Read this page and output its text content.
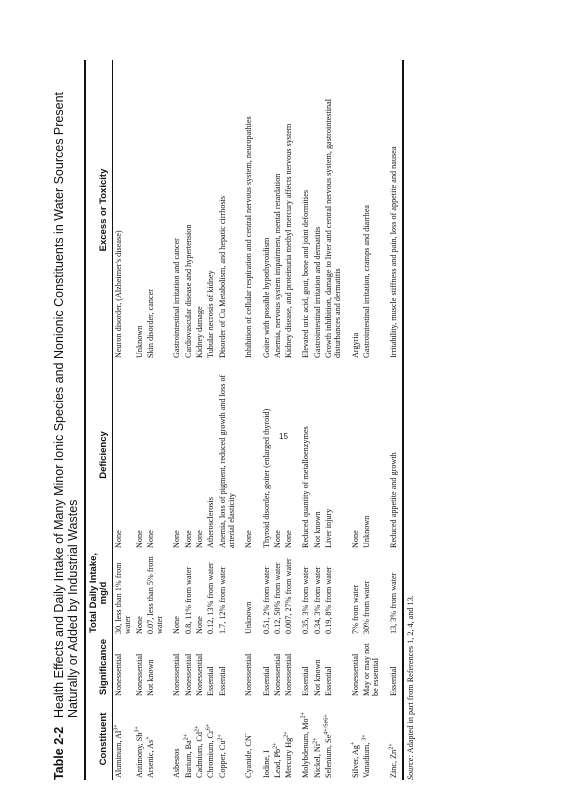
Table 2-2
Health Effects and Daily Intake of Many Minor Ionic Species and Nonionic Constituents in Water Sources Present Naturally or Added by Industrial Wastes
Constituent	Significance	Total Daily Intake, mg/d	Deficiency	Excess or Toxicity
Aluminum, $Al^{3+}$	Nonessential	30, less than 1% from water	None	Neuron disorder, (Alzheimer's disease)
Antimony, $Sb^{3+}$	Nonessential	None	None	Unknown
Arsenic, As+	Not known	0.07, less than 5% from water	None	Skin disorder, cancer
Asbestos	Nonessential	None	None	Gastrointestinal irritation and cancer
Barium, $Ba^{2+}$	Nonessential	0.8, 11% from water	None	Cardiovascular disease and hypertension
Cadmium, $Cd^{2+}$	Nonessential	None	None	Kidney damage
Chromium, $Cr^{6+}$	Essential	0.12, 13% from water	Atherosclerosis	Tubular necrosis of kidney
Copper, $Cu^{2+}$	Essential	1.7, 12% from water	Anemia, loss of pigment, reduced growth and loss of arterial elasticity	Disorder of Cu Metabolism, and hepatic cirrhosis
Cyanide, CN-	Nonessential	Unknown	None	Inhibition of cellular respiration and central nervous system, neuropathies
Iodine, I	Essential	0.51, 2% from water	Thyroid disorder, goiter (enlarged thyroid)	Goiter with possible hypothyroidism
Lead, $Pb^{2+}$	Nonessential	0.12, 50% from water	None	Anemia, nervous system impairment, mental retardation
Mercury $Hg^{2+}$	Nonessential	0.007, 27% from water	None	Kidney disease, and proteinuria methyl mercury affects nervous system
Molybdenum, $Mo^{2+}$	Essential	0.35, 3% from water	Reduced quantity of metalloenzymes	Elevated uric acid, gout, bone and joint deformities
Nickel, $Ni^{2+}$	Not known	0.34, 3% from water	Not known	Gastrointestinal irritation and dermatitis
Selenium, $Se^{4+/Se6+}$	Essential	0.19, 8% from water	Liver injury	Growth inhibition, damage to liver and central nervous system, gastrointestinal disturbances and dermatitis
Silver, Ag+	Nonessential	7% from water	None	Argyria
Vanadium, $^{3+}$	May or may not be essential	30% from water	Unknown	Gastrointestinal irritation, cramps and diarrhea
Zinc, $Zn^{2+}$	Essential	13, 3% from water	Reduced appetite and growth	Irritability, muscle stiffness and pain, loss of appetite and nausea
Source: Adapted in part from References 1, 2, 4, and 13.
15
